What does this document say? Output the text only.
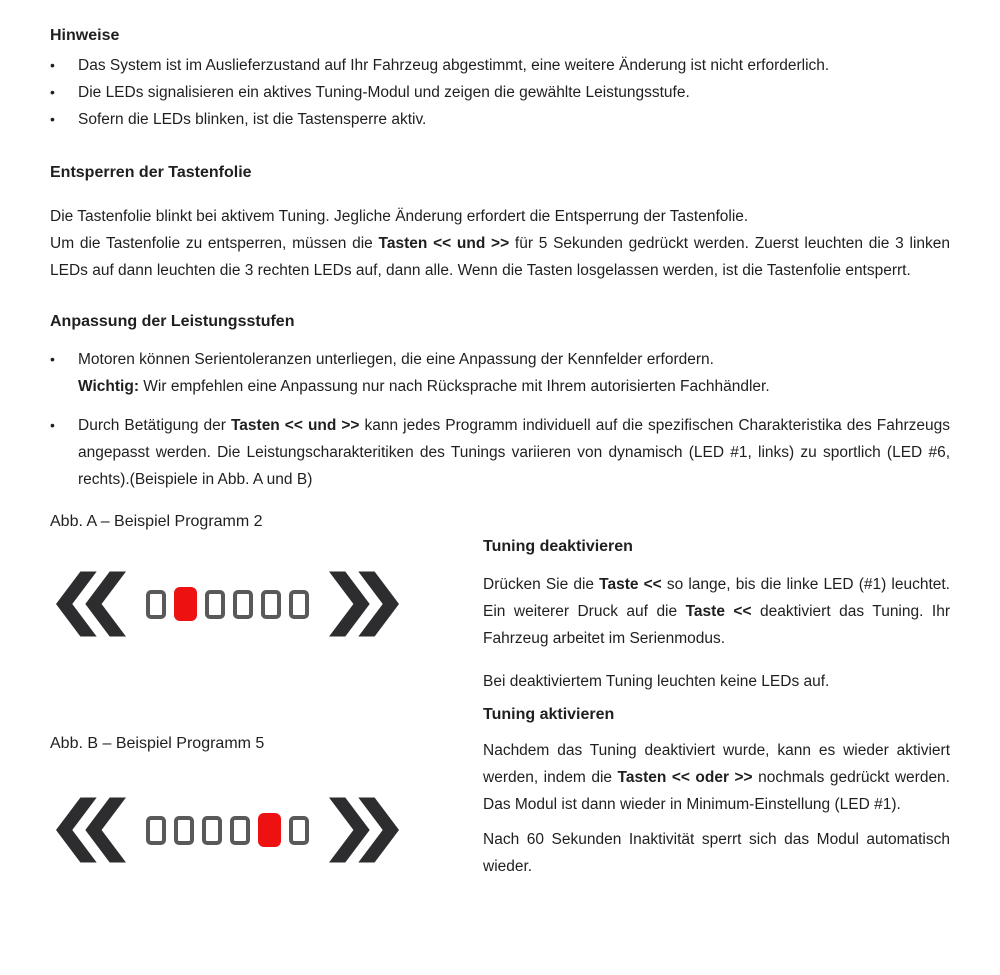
Hinweise
•	Das System ist im Auslieferzustand auf Ihr Fahrzeug abgestimmt, eine weitere Änderung ist nicht erforderlich.

•	Die LEDs signalisieren ein aktives Tuning-Modul und zeigen die gewählte Leistungsstufe.

•	Sofern die LEDs blinken, ist die Tastensperre aktiv.

Entsperren der Tastenfolie

Die Tastenfolie blinkt bei aktivem Tuning. Jegliche Änderung erfordert die Entsperrung der Tastenfolie.

Um die Tastenfolie zu entsperren, müssen die Tasten << und >> für 5 Sekunden gedrückt werden. Zuerst leuchten die 3 linken LEDs auf dann leuchten die 3 rechten LEDs auf, dann alle. Wenn die Tasten losgelassen werden, ist die Tastenfolie entsperrt.

Anpassung der Leistungsstufen
•	Motoren können Serientoleranzen unterliegen, die eine Anpassung der Kennfelder erfordern.
Wichtig: Wir empfehlen eine Anpassung nur nach Rücksprache mit Ihrem autorisierten Fachhändler.

•	Durch Betätigung der Tasten << und >> kann jedes Programm individuell auf die spezifischen Charakteristika des Fahrzeugs angepasst werden. Die Leistungscharakteritiken des Tunings variieren von dynamisch (LED #1, links) zu sportlich (LED #6, rechts).(Beispiele in Abb. A und B)

Abb. A – Beispiel Programm 2
Abb. B – Beispiel Programm 5
Tuning deaktivieren

Drücken Sie die Taste << so lange, bis die linke LED (#1) leuchtet. Ein weiterer Druck auf die Taste << deaktiviert das Tuning. Ihr Fahrzeug arbeitet im Serienmodus.

Bei deaktiviertem Tuning leuchten keine LEDs auf.

Tuning aktivieren

Nachdem das Tuning deaktiviert wurde, kann es wieder aktiviert werden, indem die Tasten << oder >> nochmals gedrückt werden. Das Modul ist dann wieder in Minimum-Einstellung (LED #1).

Nach 60 Sekunden Inaktivität sperrt sich das Modul automatisch wieder.
